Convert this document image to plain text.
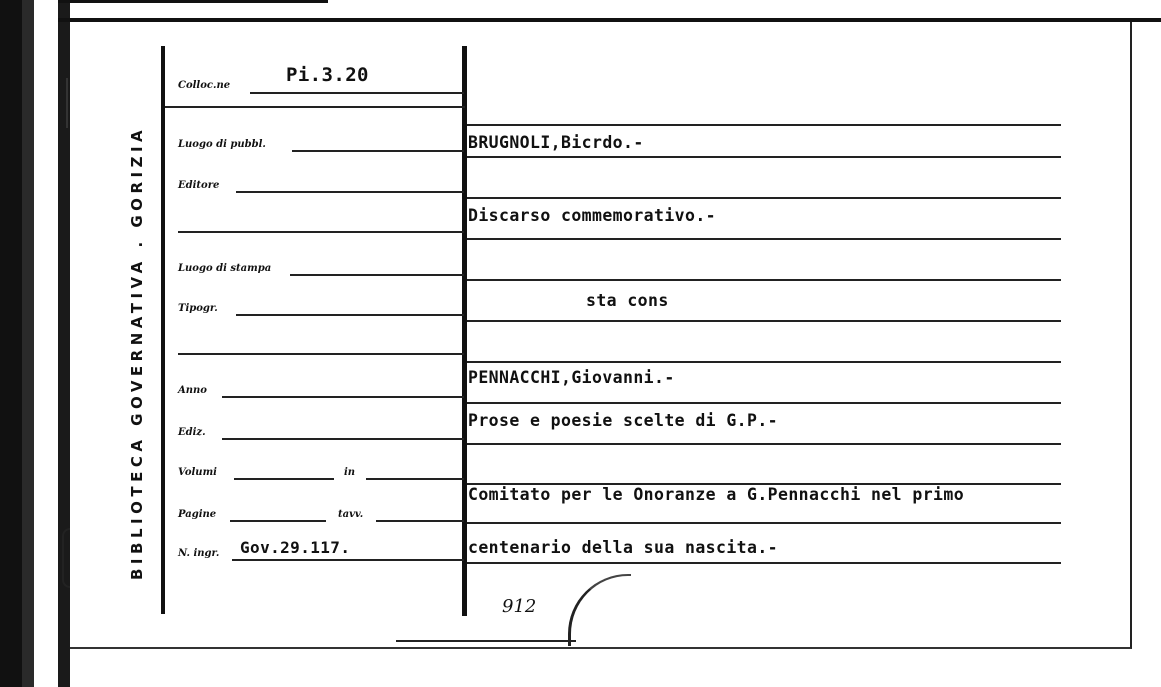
BIBLIOTECA GOVERNATIVA . GORIZIA
Colloc.ne	Pi.3.20
Luogo di pubbl.
Editore
Luogo di stampa
Tipogr.
Anno
Ediz.
Volumi	in
Pagine	tavv.
N. ingr. Gov.29.117.
BRUGNOLI,Bicrdo.-
Discarso commemorativo.-
sta cons
PENNACCHI,Giovanni.-
Prose e poesie scelte di G.P.-
Comitato per le Onoranze a G.Pennacchi nel primo
centenario della sua nascita.-
912
